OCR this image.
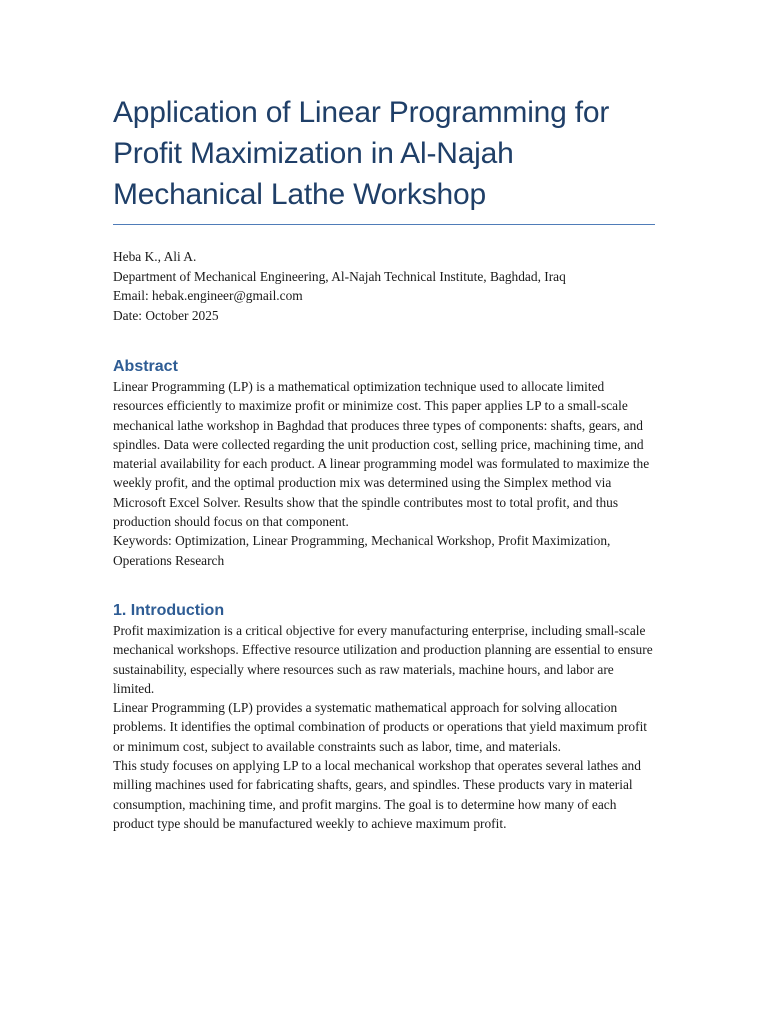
Application of Linear Programming for Profit Maximization in Al-Najah Mechanical Lathe Workshop
Heba K., Ali A.
Department of Mechanical Engineering, Al-Najah Technical Institute, Baghdad, Iraq
Email: hebak.engineer@gmail.com
Date: October 2025
Abstract

Linear Programming (LP) is a mathematical optimization technique used to allocate limited resources efficiently to maximize profit or minimize cost. This paper applies LP to a small-scale mechanical lathe workshop in Baghdad that produces three types of components: shafts, gears, and spindles. Data were collected regarding the unit production cost, selling price, machining time, and material availability for each product. A linear programming model was formulated to maximize the weekly profit, and the optimal production mix was determined using the Simplex method via Microsoft Excel Solver. Results show that the spindle contributes most to total profit, and thus production should focus on that component.

Keywords: Optimization, Linear Programming, Mechanical Workshop, Profit Maximization, Operations Research

1. Introduction

Profit maximization is a critical objective for every manufacturing enterprise, including small-scale mechanical workshops. Effective resource utilization and production planning are essential to ensure sustainability, especially where resources such as raw materials, machine hours, and labor are limited.

Linear Programming (LP) provides a systematic mathematical approach for solving allocation problems. It identifies the optimal combination of products or operations that yield maximum profit or minimum cost, subject to available constraints such as labor, time, and materials.

This study focuses on applying LP to a local mechanical workshop that operates several lathes and milling machines used for fabricating shafts, gears, and spindles. These products vary in material consumption, machining time, and profit margins. The goal is to determine how many of each product type should be manufactured weekly to achieve maximum profit.
